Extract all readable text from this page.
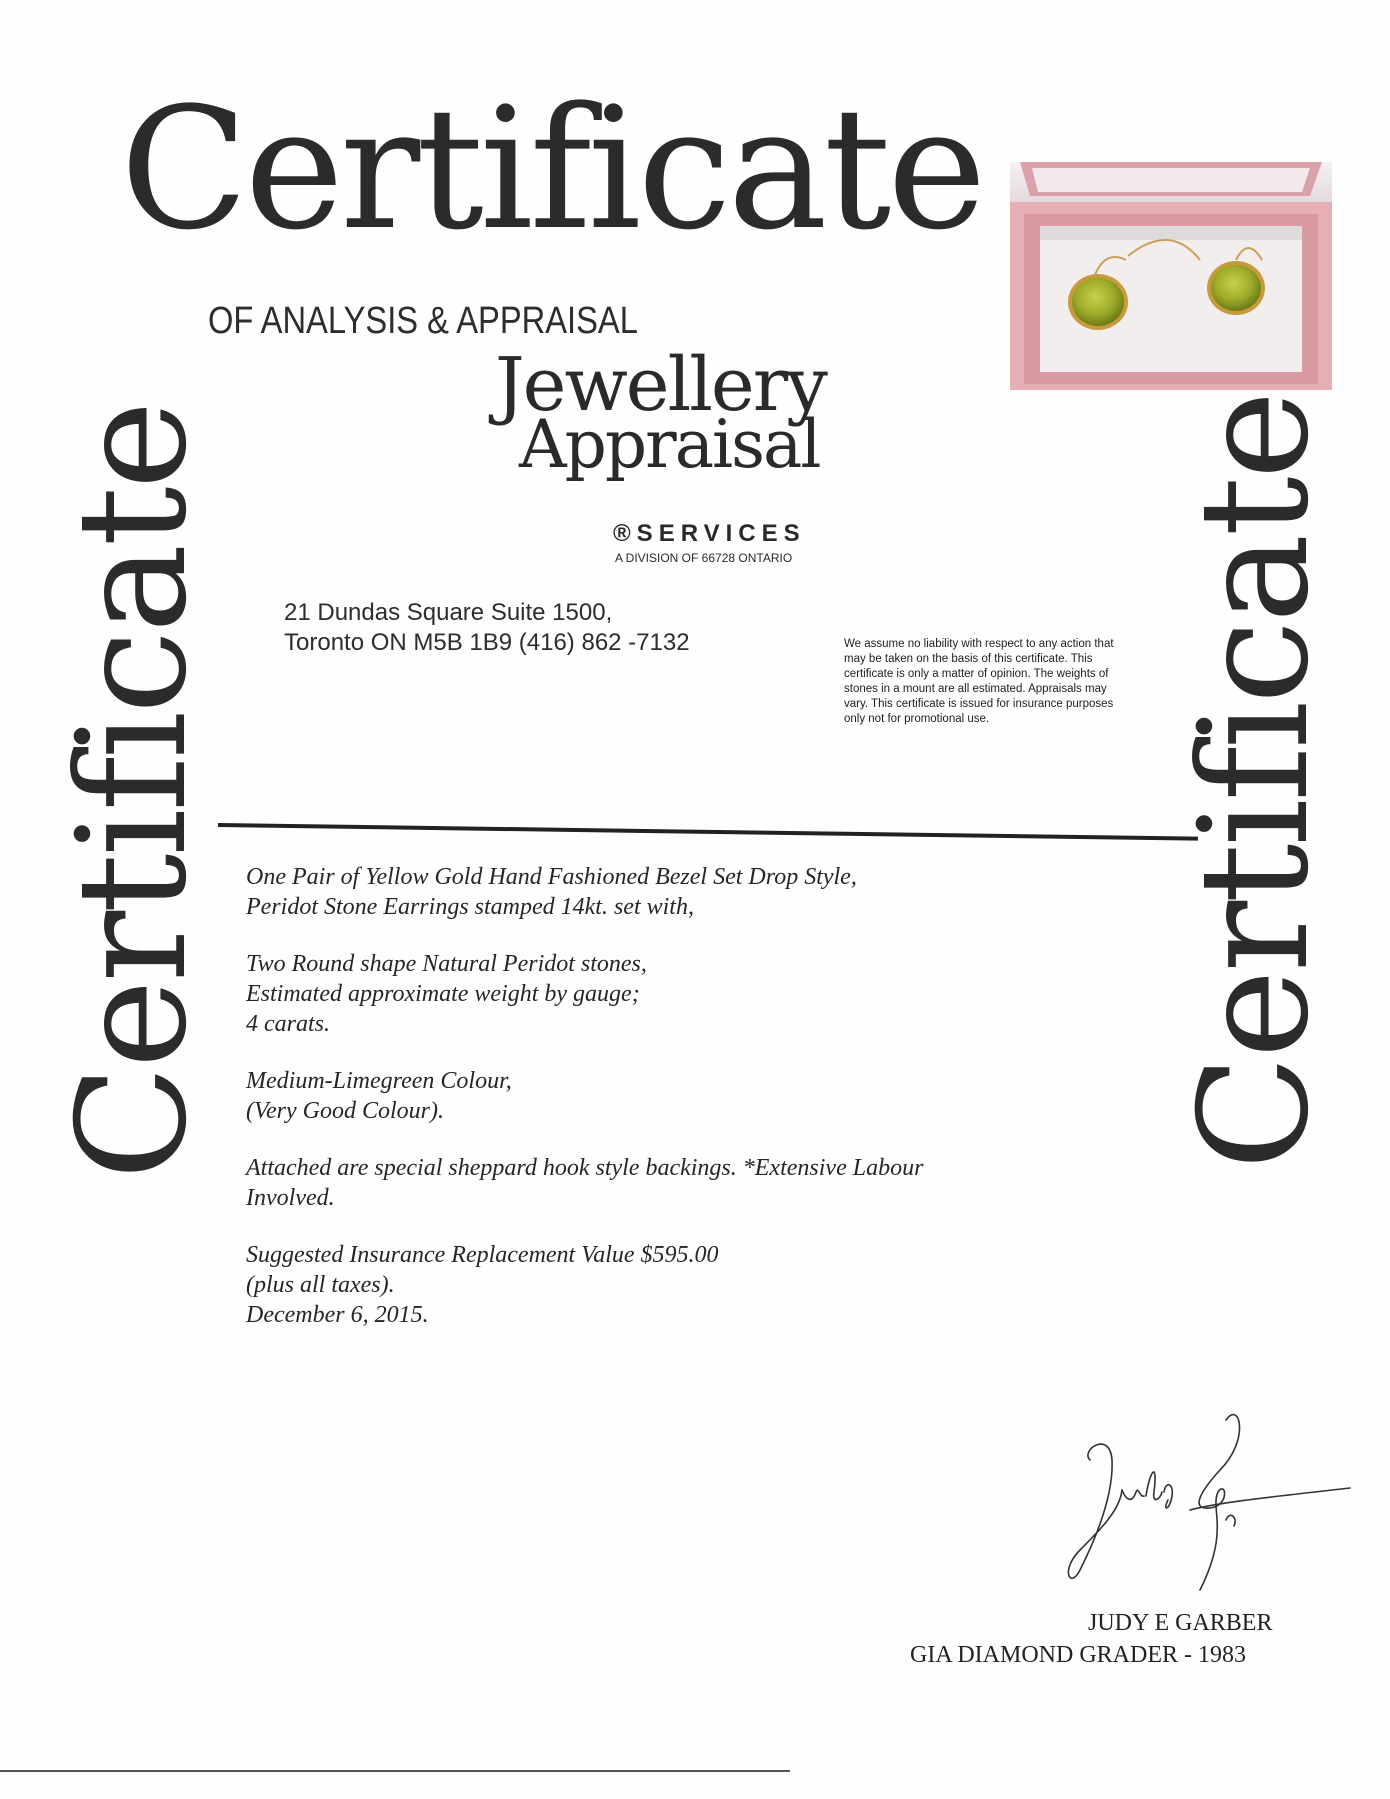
Certificate
OF ANALYSIS & APPRAISAL
Jewellery
Appraisal
®SERVICES
A DIVISION OF 66728 ONTARIO
Certificate	Certificate
21 Dundas Square Suite 1500,
Toronto ON M5B 1B9 (416) 862 -7132	We assume no liability with respect to any action that may be taken on the basis of this certificate. This certificate is only a matter of opinion. The weights of stones in a mount are all estimated. Appraisals may vary. This certificate is issued for insurance purposes only not for promotional use.

One Pair of Yellow Gold Hand Fashioned Bezel Set Drop Style,
Peridot Stone Earrings stamped 14kt. set with,

Two Round shape Natural Peridot stones,
Estimated approximate weight by gauge;
4 carats.

Medium-Limegreen Colour,
(Very Good Colour).

Attached are special sheppard hook style backings. *Extensive Labour
Involved.

Suggested Insurance Replacement Value $595.00
(plus all taxes).
December 6, 2015.

JUDY E GARBER
GIA DIAMOND GRADER - 1983
